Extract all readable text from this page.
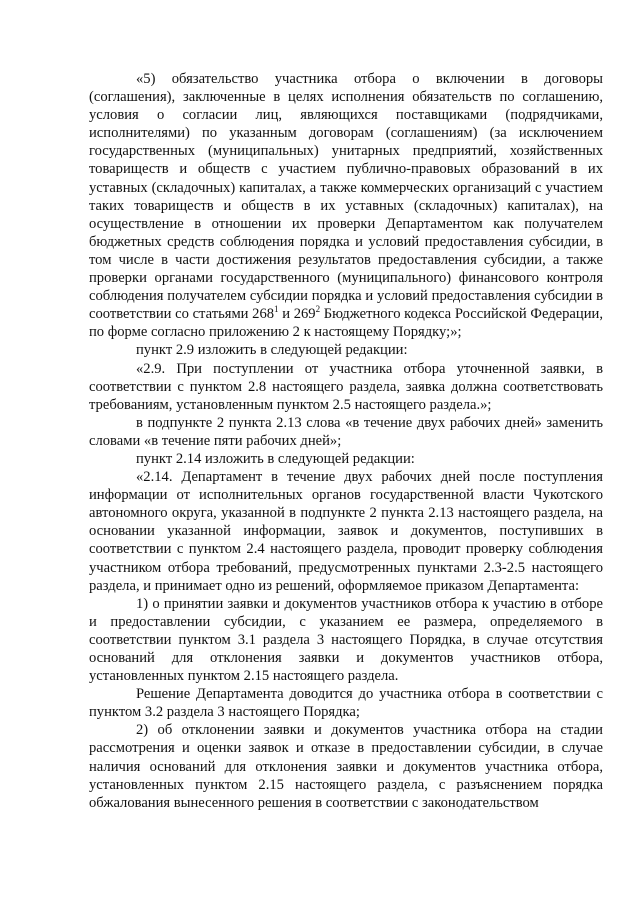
«5) обязательство участника отбора о включении в договоры (соглашения), заключенные в целях исполнения обязательств по соглашению, условия о согласии лиц, являющихся поставщиками (подрядчиками, исполнителями) по указанным договорам (соглашениям) (за исключением государственных (муниципальных) унитарных предприятий, хозяйственных товариществ и обществ с участием публично-правовых образований в их уставных (складочных) капиталах, а также коммерческих организаций с участием таких товариществ и обществ в их уставных (складочных) капиталах), на осуществление в отношении их проверки Департаментом как получателем бюджетных средств соблюдения порядка и условий предоставления субсидии, в том числе в части достижения результатов предоставления субсидии, а также проверки органами государственного (муниципального) финансового контроля соблюдения получателем субсидии порядка и условий предоставления субсидии в соответствии со статьями $268^1$ и $269^2$ Бюджетного кодекса Российской Федерации, по форме согласно приложению 2 к настоящему Порядку;»;

пункт 2.9 изложить в следующей редакции:

«2.9. При поступлении от участника отбора уточненной заявки, в соответствии с пунктом 2.8 настоящего раздела, заявка должна соответствовать требованиям, установленным пунктом 2.5 настоящего раздела.»;

в подпункте 2 пункта 2.13 слова «в течение двух рабочих дней» заменить словами «в течение пяти рабочих дней»;

пункт 2.14 изложить в следующей редакции:

«2.14. Департамент в течение двух рабочих дней после поступления информации от исполнительных органов государственной власти Чукотского автономного округа, указанной в подпункте 2 пункта 2.13 настоящего раздела, на основании указанной информации, заявок и документов, поступивших в соответствии с пунктом 2.4 настоящего раздела, проводит проверку соблюдения участником отбора требований, предусмотренных пунктами 2.3-2.5 настоящего раздела, и принимает одно из решений, оформляемое приказом Департамента:

1) о принятии заявки и документов участников отбора к участию в отборе и предоставлении субсидии, с указанием ее размера, определяемого в соответствии пунктом 3.1 раздела 3 настоящего Порядка, в случае отсутствия оснований для отклонения заявки и документов участников отбора, установленных пунктом 2.15 настоящего раздела.

Решение Департамента доводится до участника отбора в соответствии с пунктом 3.2 раздела 3 настоящего Порядка;

2) об отклонении заявки и документов участника отбора на стадии рассмотрения и оценки заявок и отказе в предоставлении субсидии, в случае наличия оснований для отклонения заявки и документов участника отбора, установленных пунктом 2.15 настоящего раздела, с разъяснением порядка обжалования вынесенного решения в соответствии с законодательством
